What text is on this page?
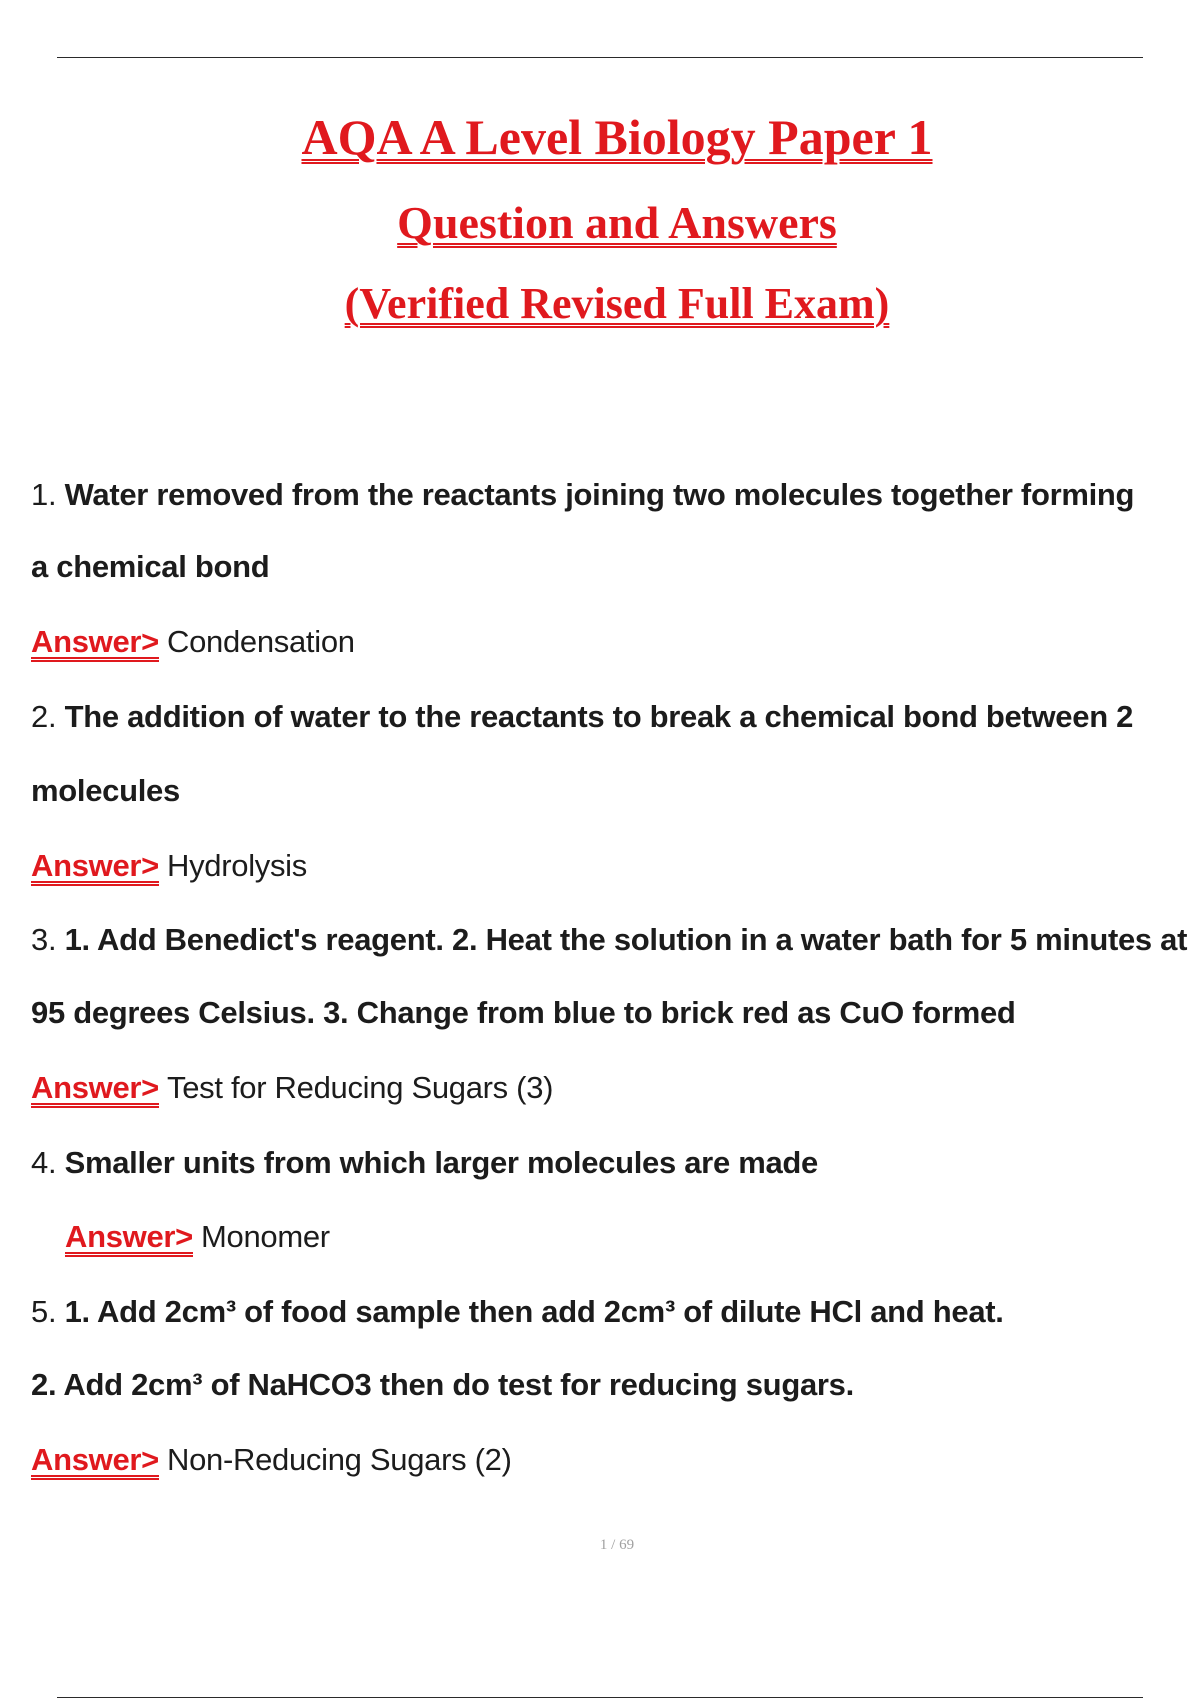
AQA A Level Biology Paper 1
Question and Answers
(Verified Revised Full Exam)
1. Water removed from the reactants joining two molecules together forming
a chemical bond
Answer> Condensation
2. The addition of water to the reactants to break a chemical bond between 2
molecules
Answer> Hydrolysis
3. 1. Add Benedict's reagent. 2. Heat the solution in a water bath for 5 minutes at
95 degrees Celsius. 3. Change from blue to brick red as CuO formed
Answer> Test for Reducing Sugars (3)
4. Smaller units from which larger molecules are made
Answer> Monomer
5. 1. Add 2cm³ of food sample then add 2cm³ of dilute HCl and heat.
2. Add 2cm³ of NaHCO3 then do test for reducing sugars.
Answer> Non-Reducing Sugars (2)
1 / 69
